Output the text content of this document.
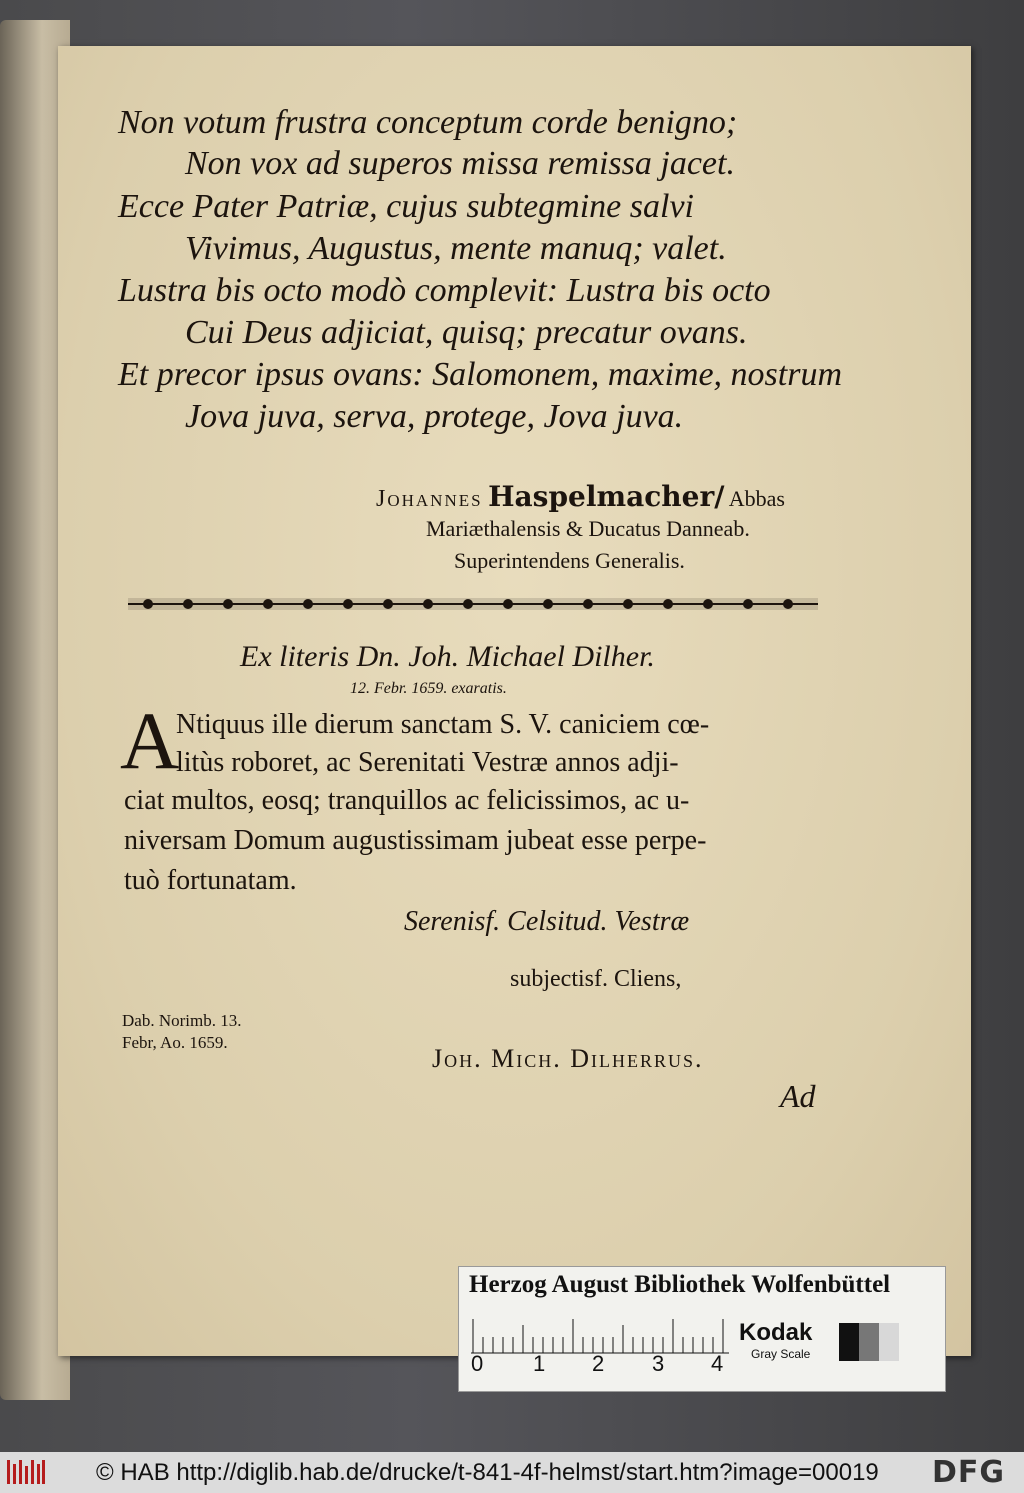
Non votum frustra conceptum corde benigno;
Non vox ad superos missa remissa jacet.
Ecce Pater Patriæ, cujus subtegmine salvi
Vivimus, Augustus, mente manuq; valet.
Lustra bis octo modò complevit: Lustra bis octo
Cui Deus adjiciat, quisq; precatur ovans.
Et precor ipsus ovans: Salomonem, maxime, nostrum
Jova juva, serva, protege, Jova juva.
Johannes Haspelmacher/ Abbas
Mariæthalensis & Ducatus Danneab.
Superintendens Generalis.
Ex literis Dn. Joh. Michael Dilher.
12. Febr. 1659. exaratis.
A
Ntiquus ille dierum sanctam S. V. caniciem cœ-
litùs roboret, ac Serenitati Vestræ annos adji-
ciat multos, eosq; tranquillos ac felicissimos, ac u-
niversam Domum augustissimam jubeat esse perpe-
tuò fortunatam.
Serenisf. Celsitud. Vestræ
subjectisf. Cliens,
Dab. Norimb. 13.
Febr, Ao. 1659.
Joh. Mich. Dilherrus.
Ad
Herzog August Bibliothek Wolfenbüttel
0 1 2 3 4
Kodak
Gray Scale
© HAB http://diglib.hab.de/drucke/t-841-4f-helmst/start.htm?image=00019 DFG
